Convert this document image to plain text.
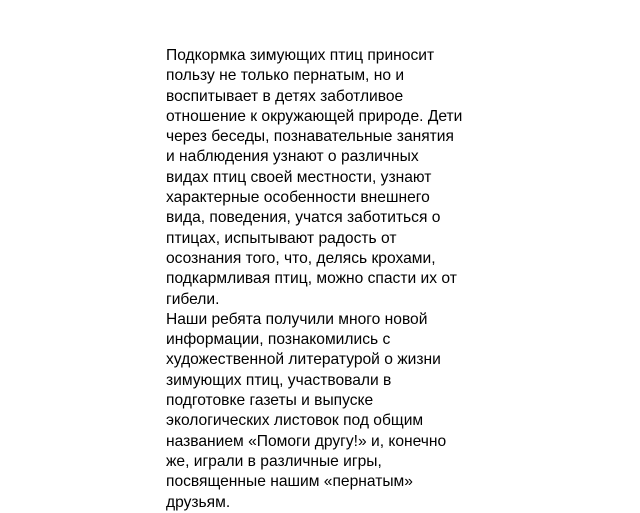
Подкормка зимующих птиц приносит
пользу не только пернатым, но и
воспитывает в детях заботливое
отношение к окружающей природе. Дети
через беседы, познавательные занятия
и наблюдения узнают о различных
видах птиц своей местности, узнают
характерные особенности внешнего
вида, поведения, учатся заботиться о
птицах, испытывают радость от
осознания того, что, делясь крохами,
подкармливая птиц, можно спасти их от
гибели.
Наши ребята получили много новой
информации, познакомились с
художественной литературой о жизни
зимующих птиц, участвовали в
подготовке газеты и выпуске
экологических листовок под общим
названием «Помоги другу!» и, конечно
же, играли в различные игры,
посвященные нашим «пернатым»
друзьям.
